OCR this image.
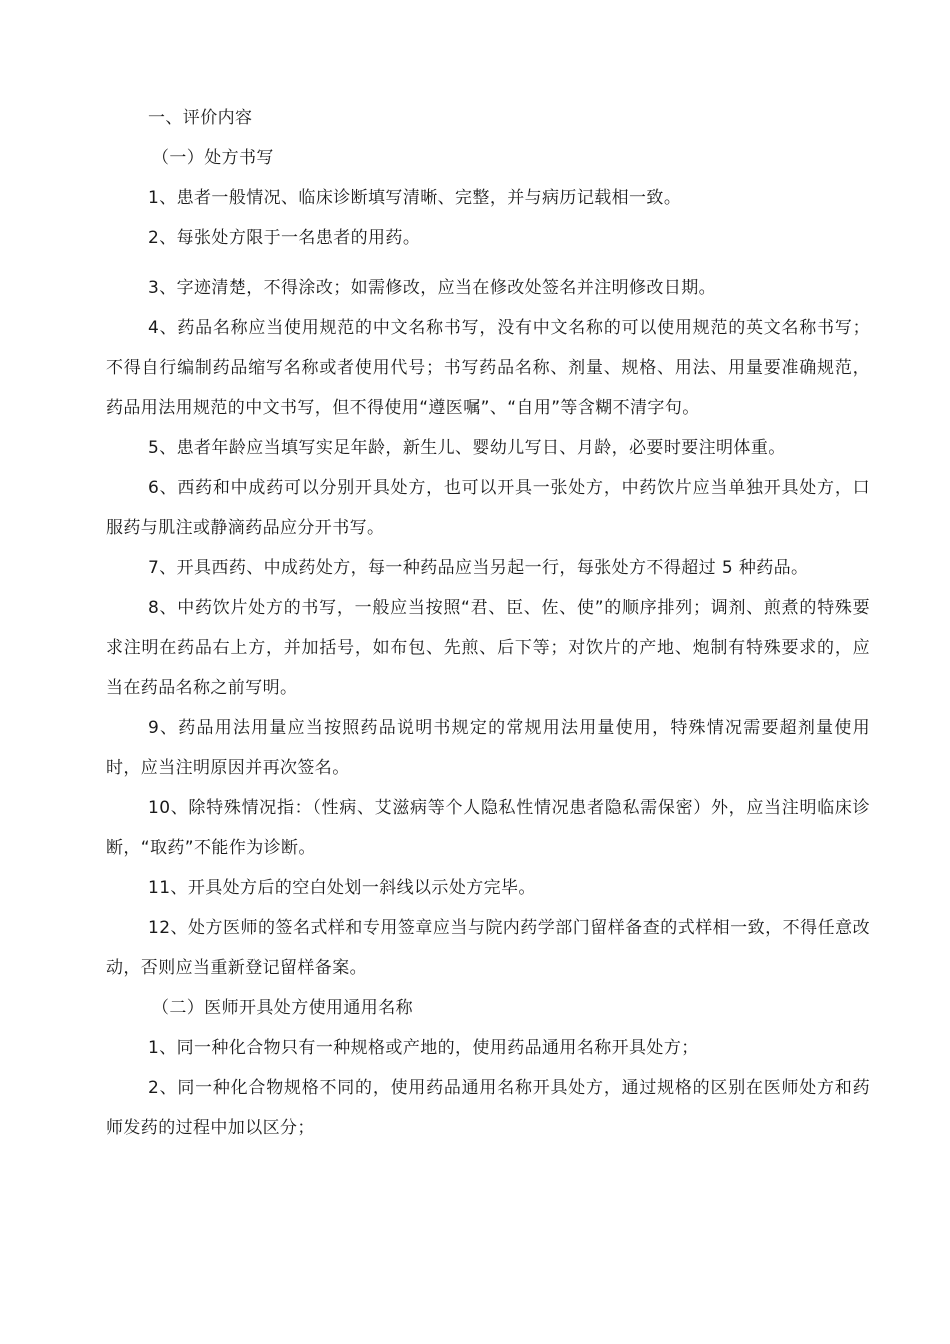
一、评价内容

（一）处方书写

1、患者一般情况、临床诊断填写清晰、完整，并与病历记载相一致。

2、每张处方限于一名患者的用药。

3、字迹清楚，不得涂改；如需修改，应当在修改处签名并注明修改日期。

4、药品名称应当使用规范的中文名称书写，没有中文名称的可以使用规范的英文名称书写；不得自行编制药品缩写名称或者使用代号；书写药品名称、剂量、规格、用法、用量要准确规范，药品用法用规范的中文书写，但不得使用“遵医嘱”、“自用”等含糊不清字句。

5、患者年龄应当填写实足年龄，新生儿、婴幼儿写日、月龄，必要时要注明体重。

6、西药和中成药可以分别开具处方，也可以开具一张处方，中药饮片应当单独开具处方，口服药与肌注或静滴药品应分开书写。

7、开具西药、中成药处方，每一种药品应当另起一行，每张处方不得超过 5 种药品。

8、中药饮片处方的书写，一般应当按照“君、臣、佐、使”的顺序排列；调剂、煎煮的特殊要求注明在药品右上方，并加括号，如布包、先煎、后下等；对饮片的产地、炮制有特殊要求的，应当在药品名称之前写明。

9、药品用法用量应当按照药品说明书规定的常规用法用量使用，特殊情况需要超剂量使用时，应当注明原因并再次签名。

10、除特殊情况指：（性病、艾滋病等个人隐私性情况患者隐私需保密）外，应当注明临床诊断，“取药”不能作为诊断。

11、开具处方后的空白处划一斜线以示处方完毕。

12、处方医师的签名式样和专用签章应当与院内药学部门留样备查的式样相一致，不得任意改动，否则应当重新登记留样备案。

（二）医师开具处方使用通用名称

1、同一种化合物只有一种规格或产地的，使用药品通用名称开具处方；

2、同一种化合物规格不同的，使用药品通用名称开具处方，通过规格的区别在医师处方和药师发药的过程中加以区分；
